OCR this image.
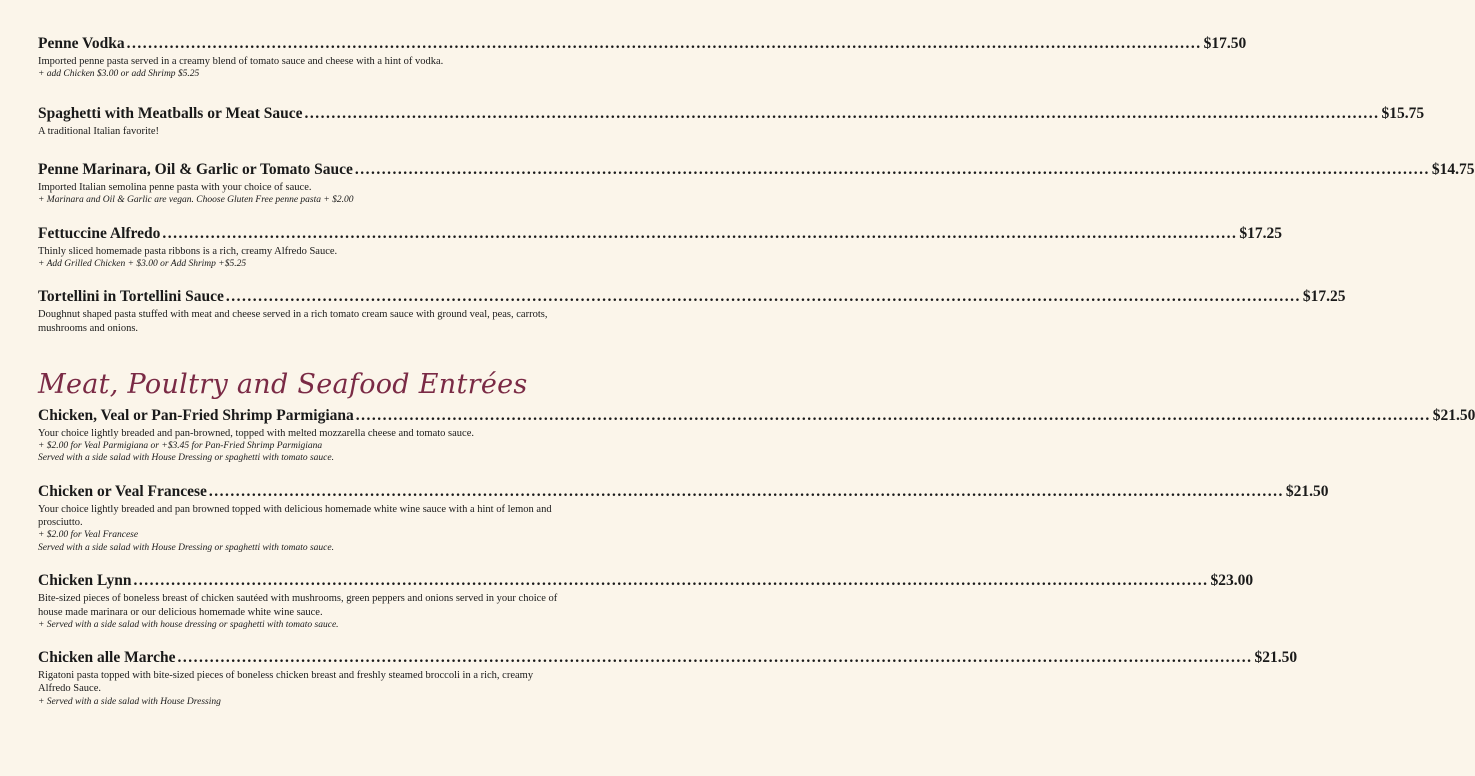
Penne Vodka ........................................................................................................................................................................................................ $17.50
Imported penne pasta served in a creamy blend of tomato sauce and cheese with a hint of vodka.
+ add Chicken $3.00 or add Shrimp $5.25
Spaghetti with Meatballs or Meat Sauce ........................................................................................................................................................................................................ $15.75
A traditional Italian favorite!
Penne Marinara, Oil & Garlic or Tomato Sauce ........................................................................................................................................................................................................ $14.75
Imported Italian semolina penne pasta with your choice of sauce.
+ Marinara and Oil & Garlic are vegan. Choose Gluten Free penne pasta + $2.00
Fettuccine Alfredo ........................................................................................................................................................................................................ $17.25
Thinly sliced homemade pasta ribbons is a rich, creamy Alfredo Sauce.
+ Add Grilled Chicken + $3.00 or Add Shrimp +$5.25
Tortellini in Tortellini Sauce ........................................................................................................................................................................................................ $17.25
Doughnut shaped pasta stuffed with meat and cheese served in a rich tomato cream sauce with ground veal, peas, carrots, mushrooms and onions.
Meat, Poultry and Seafood Entrées
Chicken, Veal or Pan-Fried Shrimp Parmigiana ........................................................................................................................................................................................................ $21.50
Your choice lightly breaded and pan-browned, topped with melted mozzarella cheese and tomato sauce.
+ $2.00 for Veal Parmigiana or +$3.45 for Pan-Fried Shrimp Parmigiana
Served with a side salad with House Dressing or spaghetti with tomato sauce.
Chicken or Veal Francese ........................................................................................................................................................................................................ $21.50
Your choice lightly breaded and pan browned topped with delicious homemade white wine sauce with a hint of lemon and prosciutto.
+ $2.00 for Veal Francese
Served with a side salad with House Dressing or spaghetti with tomato sauce.
Chicken Lynn ........................................................................................................................................................................................................ $23.00
Bite-sized pieces of boneless breast of chicken sautéed with mushrooms, green peppers and onions served in your choice of house made marinara or our delicious homemade white wine sauce.
+ Served with a side salad with house dressing or spaghetti with tomato sauce.
Chicken alle Marche ........................................................................................................................................................................................................ $21.50
Rigatoni pasta topped with bite-sized pieces of boneless chicken breast and freshly steamed broccoli in a rich, creamy Alfredo Sauce.
+ Served with a side salad with House Dressing
